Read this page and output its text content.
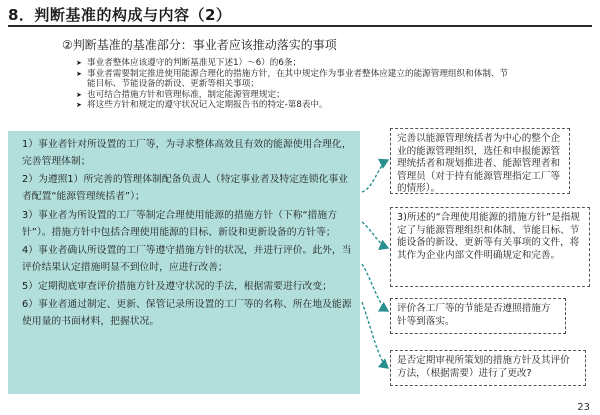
8．判断基准的构成与内容（2）
②判断基准的基准部分：事业者应该推动落实的事项
➤ 事业者整体应该遵守的判断基准见下述1）～6）的6条；
➤ 事业者需要制定推进使用能源合理化的措施方针，在其中规定作为事业者整体应建立的能源管理组织和体制、节能目标、节能设备的新设、更新等相关事项；
➤ 也可结合措施方针和管理标准，制定能源管理规定；
➤ 将这些方针和规定的遵守状况记入定期报告书的特定-第8表中。

1）事业者针对所设置的工厂等，为寻求整体高效且有效的能源使用合理化，完善管理体制；

2）为遵照1）所完善的管理体制配备负责人（特定事业者及特定连锁化事业者配置“能源管理统括者”）；

3）事业者为所设置的工厂等制定合理使用能源的措施方针（下称“措施方针”）。措施方针中包括合理使用能源的目标、新设和更新设备的方针等；

4）事业者确认所设置的工厂等遵守措施方针的状况，并进行评价。此外，当评价结果认定措施明显不到位时，应进行改善；

5）定期彻底审查评价措施方针及遵守状况的手法，根据需要进行改变；

6）事业者通过制定、更新、保管记录所设置的工厂等的名称、所在地及能源使用量的书面材料，把握状况。

完善以能源管理统括者为中心的整个企业的能源管理组织，选任和申报能源管理统括者和规划推进者、能源管理者和管理员（对于持有能源管理指定工厂等的情形）。
3)所述的“合理使用能源的措施方针”是指规定了与能源管理组织和体制、节能目标、节能设备的新设、更新等有关事项的文件，将其作为企业内部文件明确规定和完善。
评价各工厂等的节能是否遵照措施方针等到落实。
是否定期审视所策划的措施方针及其评价方法，（根据需要）进行了更改?
23
